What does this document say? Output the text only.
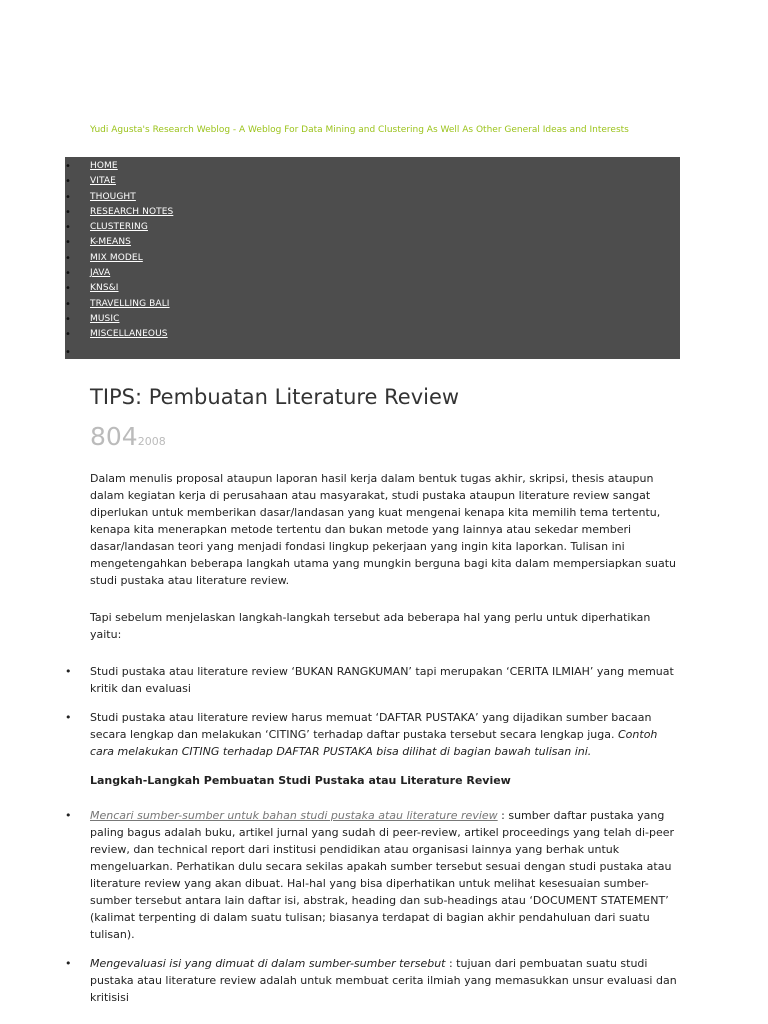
Yudi Agusta's Research Weblog - A Weblog For Data Mining and Clustering As Well As Other General Ideas and Interests
• HOME
• VITAE
• THOUGHT
• RESEARCH NOTES
• CLUSTERING
• K-MEANS
• MIX MODEL
• JAVA
• KNS&I
• TRAVELLING BALI
• MUSIC
• MISCELLANEOUS
•
TIPS: Pembuatan Literature Review
8042008

Dalam menulis proposal ataupun laporan hasil kerja dalam bentuk tugas akhir, skripsi, thesis ataupun dalam kegiatan kerja di perusahaan atau masyarakat, studi pustaka ataupun literature review sangat diperlukan untuk memberikan dasar/landasan yang kuat mengenai kenapa kita memilih tema tertentu, kenapa kita menerapkan metode tertentu dan bukan metode yang lainnya atau sekedar memberi dasar/landasan teori yang menjadi fondasi lingkup pekerjaan yang ingin kita laporkan. Tulisan ini mengetengahkan beberapa langkah utama yang mungkin berguna bagi kita dalam mempersiapkan suatu studi pustaka atau literature review.

Tapi sebelum menjelaskan langkah-langkah tersebut ada beberapa hal yang perlu untuk diperhatikan yaitu:

• Studi pustaka atau literature review ‘BUKAN RANGKUMAN’ tapi merupakan ‘CERITA ILMIAH’ yang memuat kritik dan evaluasi
• Studi pustaka atau literature review harus memuat ‘DAFTAR PUSTAKA’ yang dijadikan sumber bacaan secara lengkap dan melakukan ‘CITING’ terhadap daftar pustaka tersebut secara lengkap juga. Contoh cara melakukan CITING terhadap DAFTAR PUSTAKA bisa dilihat di bagian bawah tulisan ini.
Langkah-Langkah Pembuatan Studi Pustaka atau Literature Review
• Mencari sumber-sumber untuk bahan studi pustaka atau literature review : sumber daftar pustaka yang paling bagus adalah buku, artikel jurnal yang sudah di peer-review, artikel proceedings yang telah di-peer review, dan technical report dari institusi pendidikan atau organisasi lainnya yang berhak untuk mengeluarkan. Perhatikan dulu secara sekilas apakah sumber tersebut sesuai dengan studi pustaka atau literature review yang akan dibuat. Hal-hal yang bisa diperhatikan untuk melihat kesesuaian sumber-sumber tersebut antara lain daftar isi, abstrak, heading dan sub-headings atau ‘DOCUMENT STATEMENT’ (kalimat terpenting di dalam suatu tulisan; biasanya terdapat di bagian akhir pendahuluan dari suatu tulisan).
• Mengevaluasi isi yang dimuat di dalam sumber-sumber tersebut : tujuan dari pembuatan suatu studi pustaka atau literature review adalah untuk membuat cerita ilmiah yang memasukkan unsur evaluasi dan kritisisi
